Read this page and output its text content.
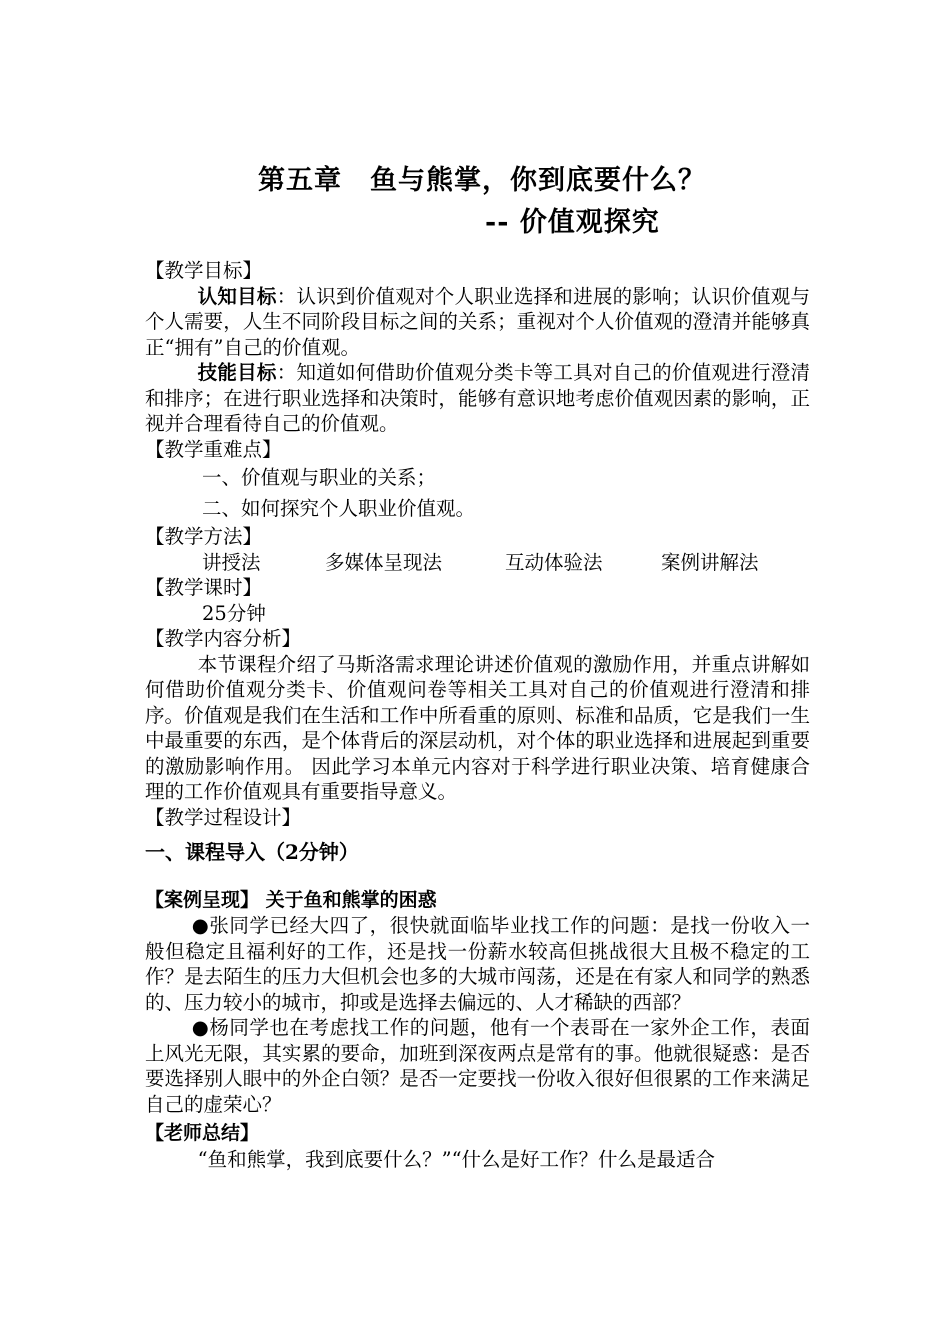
第五章　鱼与熊掌，你到底要什么？
-- 价值观探究

【教学目标】

认知目标：认识到价值观对个人职业选择和进展的影响；认识价值观与个人需要，人生不同阶段目标之间的关系；重视对个人价值观的澄清并能够真正“拥有”自己的价值观。

技能目标：知道如何借助价值观分类卡等工具对自己的价值观进行澄清和排序；在进行职业选择和决策时，能够有意识地考虑价值观因素的影响，正视并合理看待自己的价值观。

【教学重难点】

一、价值观与职业的关系；

二、如何探究个人职业价值观。

【教学方法】

讲授法	多媒体呈现法	互动体验法	案例讲解法

【教学课时】

25分钟

【教学内容分析】

本节课程介绍了马斯洛需求理论讲述价值观的激励作用，并重点讲解如何借助价值观分类卡、价值观问卷等相关工具对自己的价值观进行澄清和排序。价值观是我们在生活和工作中所看重的原则、标准和品质，它是我们一生中最重要的东西，是个体背后的深层动机，对个体的职业选择和进展起到重要的激励影响作用。 因此学习本单元内容对于科学进行职业决策、培育健康合理的工作价值观具有重要指导意义。

【教学过程设计】

一、课程导入（2分钟）

【案例呈现】 关于鱼和熊掌的困惑

●张同学已经大四了，很快就面临毕业找工作的问题：是找一份收入一般但稳定且福利好的工作，还是找一份薪水较高但挑战很大且极不稳定的工作？是去陌生的压力大但机会也多的大城市闯荡，还是在有家人和同学的熟悉的、压力较小的城市，抑或是选择去偏远的、人才稀缺的西部？

●杨同学也在考虑找工作的问题，他有一个表哥在一家外企工作，表面上风光无限，其实累的要命，加班到深夜两点是常有的事。他就很疑惑：是否要选择别人眼中的外企白领？是否一定要找一份收入很好但很累的工作来满足自己的虚荣心？

【老师总结】

“鱼和熊掌，我到底要什么？”“什么是好工作？什么是最适合
